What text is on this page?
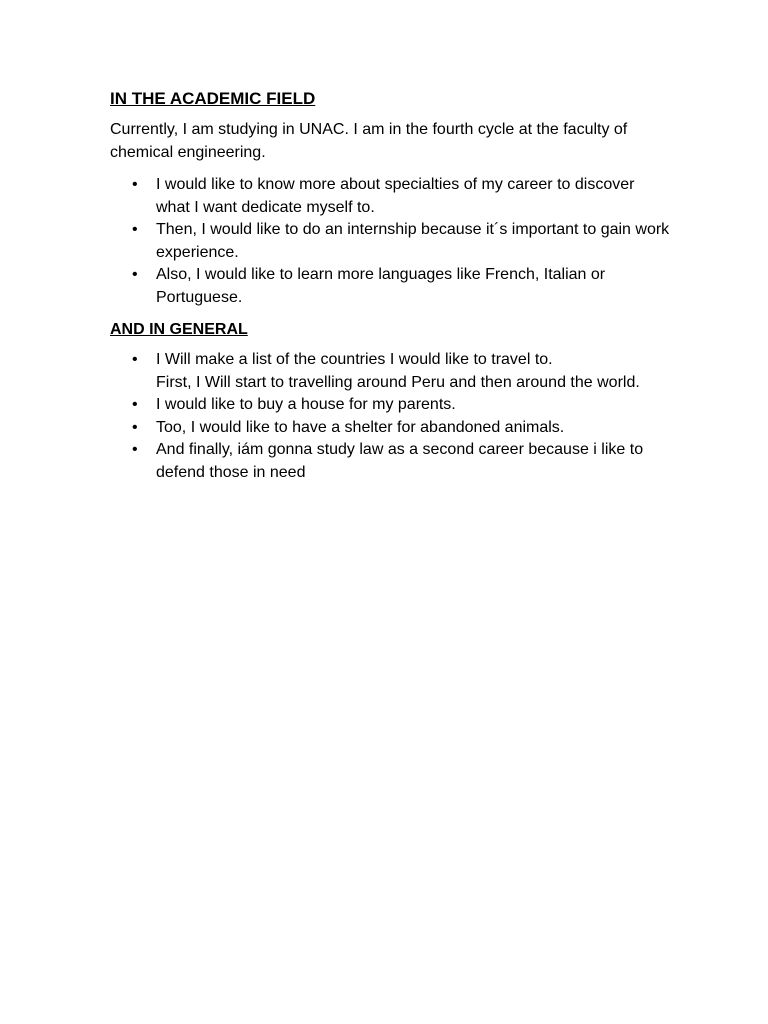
IN THE ACADEMIC FIELD
Currently, I am studying in UNAC. I am in the fourth cycle at the faculty of chemical engineering.
• I would like to know more about specialties of my career to discover what I want dedicate myself to.
• Then, I would like to do an internship because it´s important to gain work experience.
• Also, I would like to learn more languages like French, Italian or Portuguese.
AND IN GENERAL
• I Will make a list of the countries I would like to travel to.
First, I Will start to travelling around Peru and then around the world.
• I would like to buy a house for my parents.
• Too, I would like to have a shelter for abandoned animals.
• And finally, iám gonna study law as a second career because i like to defend those in need
